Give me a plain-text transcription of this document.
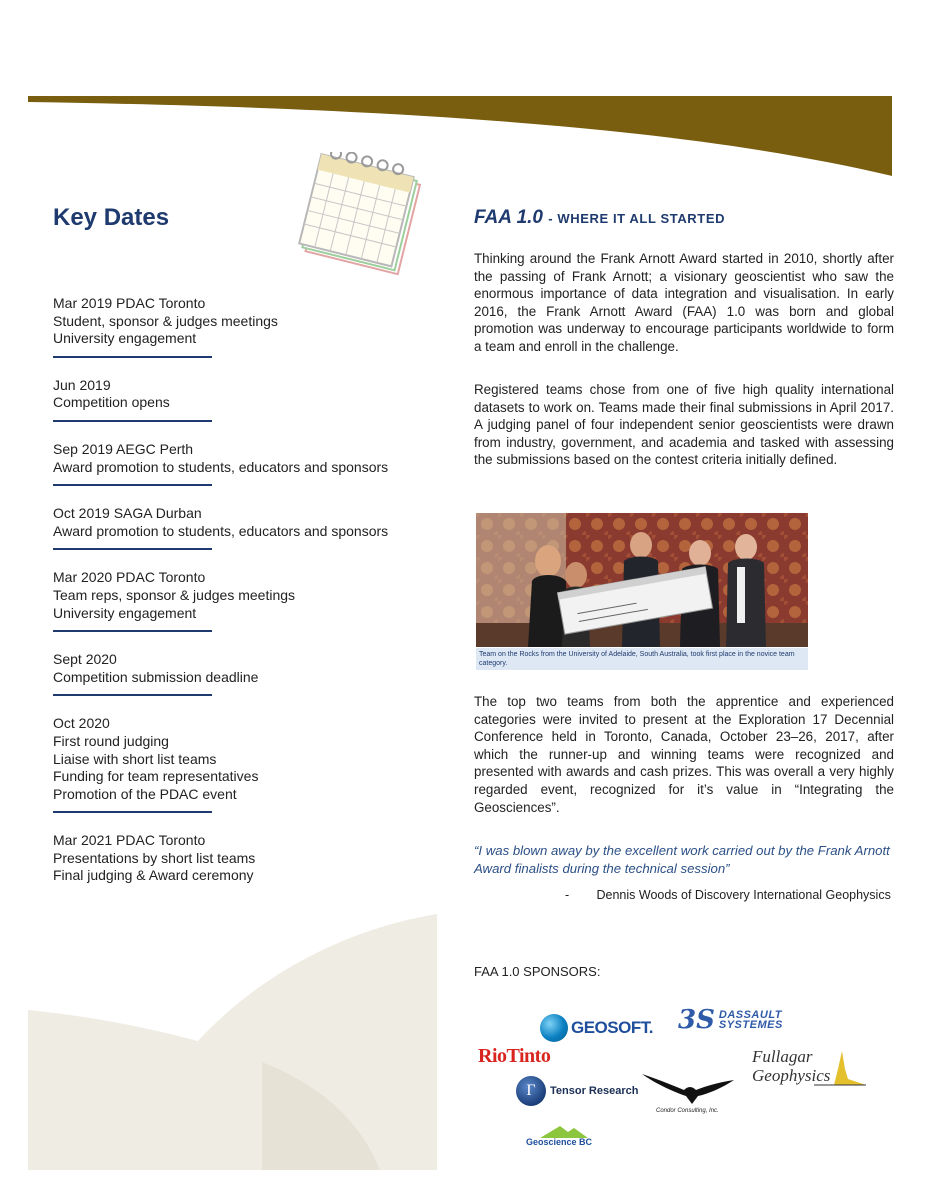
Key Dates
Mar 2019 PDAC Toronto
Student, sponsor & judges meetings
University engagement
Jun 2019
Competition opens
Sep 2019 AEGC Perth
Award promotion to students, educators and sponsors
Oct 2019 SAGA Durban
Award promotion to students, educators and sponsors
Mar 2020 PDAC Toronto
Team reps, sponsor & judges meetings
University engagement
Sept 2020
Competition submission deadline
Oct 2020
First round judging
Liaise with short list teams
Funding for team representatives
Promotion of the PDAC event
Mar 2021 PDAC Toronto
Presentations by short list teams
Final judging & Award ceremony
FAA 1.0 - WHERE IT ALL STARTED

Thinking around the Frank Arnott Award started in 2010, shortly after the passing of Frank Arnott; a visionary geoscientist who saw the enormous importance of data integration and visualisation. In early 2016, the Frank Arnott Award (FAA) 1.0 was born and global promotion was underway to encourage participants worldwide to form a team and enroll in the challenge.

Registered teams chose from one of five high quality international datasets to work on. Teams made their final submissions in April 2017. A judging panel of four independent senior geoscientists were drawn from industry, government, and academia and tasked with assessing the submissions based on the contest criteria initially defined.

Team on the Rocks from the University of Adelaide, South Australia, took first place in the novice team category.

The top two teams from both the apprentice and experienced categories were invited to present at the Exploration 17 Decennial Conference held in Toronto, Canada, October 23–26, 2017, after which the runner-up and winning teams were recognized and presented with awards and cash prizes. This was overall a very highly regarded event, recognized for it’s value in “Integrating the Geosciences”.

“I was blown away by the excellent work carried out by the Frank Arnott Award finalists during the technical session”

- Dennis Woods of Discovery International Geophysics
FAA 1.0 SPONSORS:
GEOSOFT. 3S DASSAULT
SYSTEMES
RioTinto	Fullagar
Geophysics
Γ	Tensor Research
Condor Consulting, Inc.
Geoscience BC
